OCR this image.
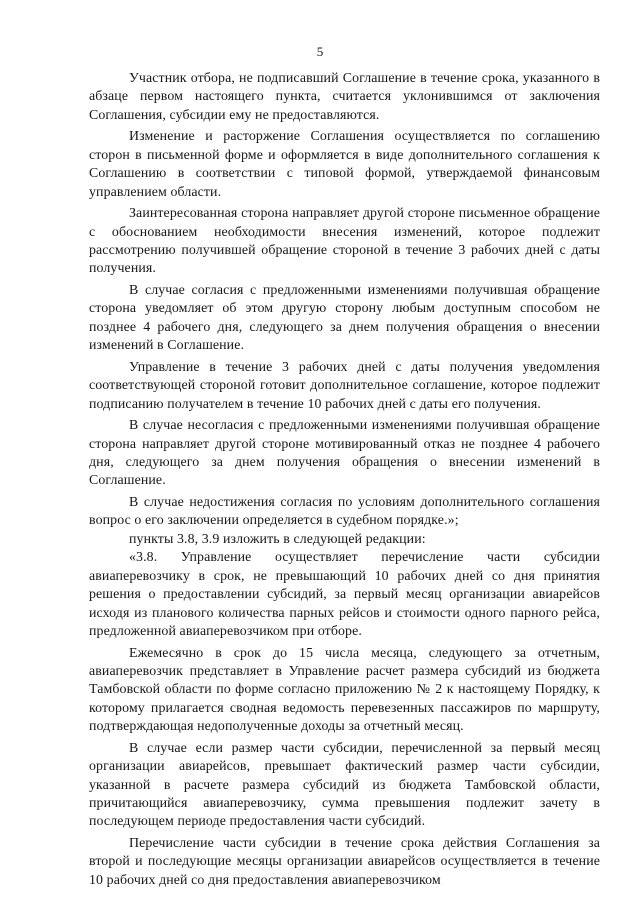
5

Участник отбора, не подписавший Соглашение в течение срока, указанного в абзаце первом настоящего пункта, считается уклонившимся от заключения Соглашения, субсидии ему не предоставляются.

Изменение и расторжение Соглашения осуществляется по соглашению сторон в письменной форме и оформляется в виде дополнительного соглашения к Соглашению в соответствии с типовой формой, утверждаемой финансовым управлением области.

Заинтересованная сторона направляет другой стороне письменное обращение с обоснованием необходимости внесения изменений, которое подлежит рассмотрению получившей обращение стороной в течение 3 рабочих дней с даты получения.

В случае согласия с предложенными изменениями получившая обращение сторона уведомляет об этом другую сторону любым доступным способом не позднее 4 рабочего дня, следующего за днем получения обращения о внесении изменений в Соглашение.

Управление в течение 3 рабочих дней с даты получения уведомления соответствующей стороной готовит дополнительное соглашение, которое подлежит подписанию получателем в течение 10 рабочих дней с даты его получения.

В случае несогласия с предложенными изменениями получившая обращение сторона направляет другой стороне мотивированный отказ не позднее 4 рабочего дня, следующего за днем получения обращения о внесении изменений в Соглашение.

В случае недостижения согласия по условиям дополнительного соглашения вопрос о его заключении определяется в судебном порядке.»;

пункты 3.8, 3.9 изложить в следующей редакции:

«3.8. Управление осуществляет перечисление части субсидии авиаперевозчику в срок, не превышающий 10 рабочих дней со дня принятия решения о предоставлении субсидий, за первый месяц организации авиарейсов исходя из планового количества парных рейсов и стоимости одного парного рейса, предложенной авиаперевозчиком при отборе.

Ежемесячно в срок до 15 числа месяца, следующего за отчетным, авиаперевозчик представляет в Управление расчет размера субсидий из бюджета Тамбовской области по форме согласно приложению № 2 к настоящему Порядку, к которому прилагается сводная ведомость перевезенных пассажиров по маршруту, подтверждающая недополученные доходы за отчетный месяц.

В случае если размер части субсидии, перечисленной за первый месяц организации авиарейсов, превышает фактический размер части субсидии, указанной в расчете размера субсидий из бюджета Тамбовской области, причитающийся авиаперевозчику, сумма превышения подлежит зачету в последующем периоде предоставления части субсидий.

Перечисление части субсидии в течение срока действия Соглашения за второй и последующие месяцы организации авиарейсов осуществляется в течение 10 рабочих дней со дня предоставления авиаперевозчиком
